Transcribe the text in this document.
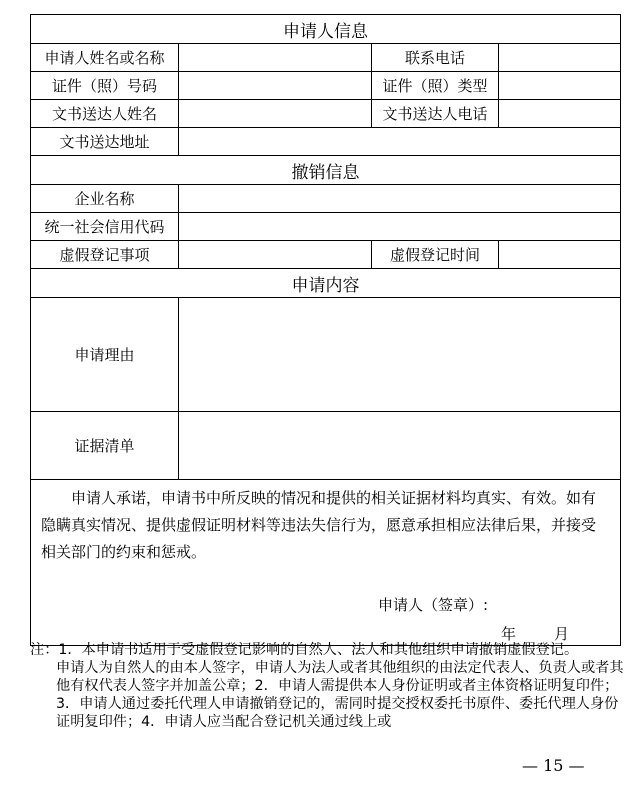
申请人信息			
申请人姓名或名称		联系电话	
证件（照）号码		证件（照）类型	
文书送达人姓名		文书送达人电话	
文书送达地址			
撤销信息			
企业名称			
统一社会信用代码			
虚假登记事项		虚假登记时间	
申请内容			
申请理由			
证据清单			

申请人承诺，申请书中所反映的情况和提供的相关证据材料均真实、有效。如有隐瞒真实情况、提供虚假证明材料等违法失信行为，愿意承担相应法律后果，并接受相关部门的约束和惩戒。
申请人（签章）:
年 月			
注：1．本申请书适用于受虚假登记影响的自然人、法人和其他组织申请撤销虚假登记。
申请人为自然人的由本人签字，申请人为法人或者其他组织的由法定代表人、负责人或者其他有权代表人签字并加盖公章；2．申请人需提供本人身份证明或者主体资格证明复印件；3．申请人通过委托代理人申请撤销登记的，需同时提交授权委托书原件、委托代理人身份证明复印件；4．申请人应当配合登记机关通过线上或
— 15 —
